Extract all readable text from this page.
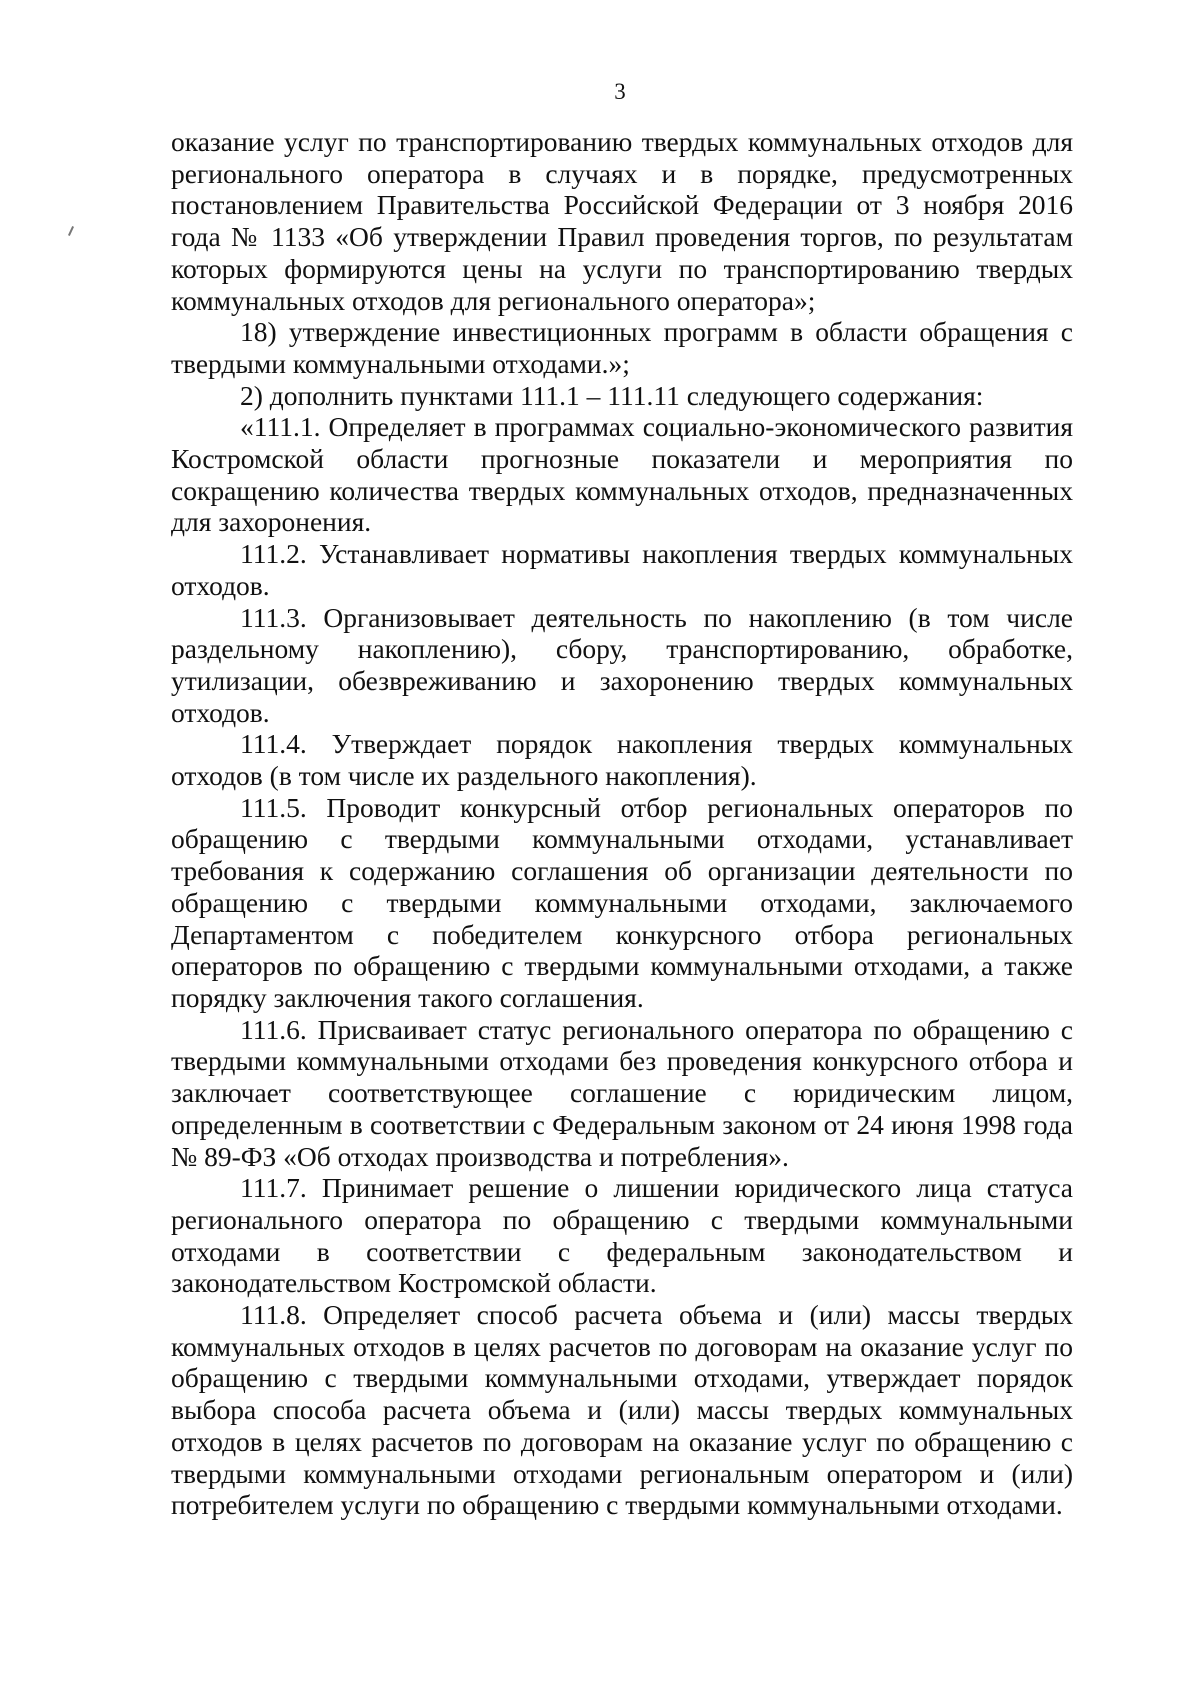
3

оказание услуг по транспортированию твердых коммунальных отходов для регионального оператора в случаях и в порядке, предусмотренных постановлением Правительства Российской Федерации от 3 ноября 2016 года № 1133 «Об утверждении Правил проведения торгов, по результатам которых формируются цены на услуги по транспортированию твердых коммунальных отходов для регионального оператора»;

18) утверждение инвестиционных программ в области обращения с твердыми коммунальными отходами.»;

2) дополнить пунктами 111.1 – 111.11 следующего содержания:

«111.1. Определяет в программах социально-экономического развития Костромской области прогнозные показатели и мероприятия по сокращению количества твердых коммунальных отходов, предназначенных для захоронения.

111.2. Устанавливает нормативы накопления твердых коммунальных отходов.

111.3. Организовывает деятельность по накоплению (в том числе раздельному накоплению), сбору, транспортированию, обработке, утилизации, обезвреживанию и захоронению твердых коммунальных отходов.

111.4. Утверждает порядок накопления твердых коммунальных отходов (в том числе их раздельного накопления).

111.5. Проводит конкурсный отбор региональных операторов по обращению с твердыми коммунальными отходами, устанавливает требования к содержанию соглашения об организации деятельности по обращению с твердыми коммунальными отходами, заключаемого Департаментом с победителем конкурсного отбора региональных операторов по обращению с твердыми коммунальными отходами, а также порядку заключения такого соглашения.

111.6. Присваивает статус регионального оператора по обращению с твердыми коммунальными отходами без проведения конкурсного отбора и заключает соответствующее соглашение с юридическим лицом, определенным в соответствии с Федеральным законом от 24 июня 1998 года № 89-ФЗ «Об отходах производства и потребления».

111.7. Принимает решение о лишении юридического лица статуса регионального оператора по обращению с твердыми коммунальными отходами в соответствии с федеральным законодательством и законодательством Костромской области.

111.8. Определяет способ расчета объема и (или) массы твердых коммунальных отходов в целях расчетов по договорам на оказание услуг по обращению с твердыми коммунальными отходами, утверждает порядок выбора способа расчета объема и (или) массы твердых коммунальных отходов в целях расчетов по договорам на оказание услуг по обращению с твердыми коммунальными отходами региональным оператором и (или) потребителем услуги по обращению с твердыми коммунальными отходами.
